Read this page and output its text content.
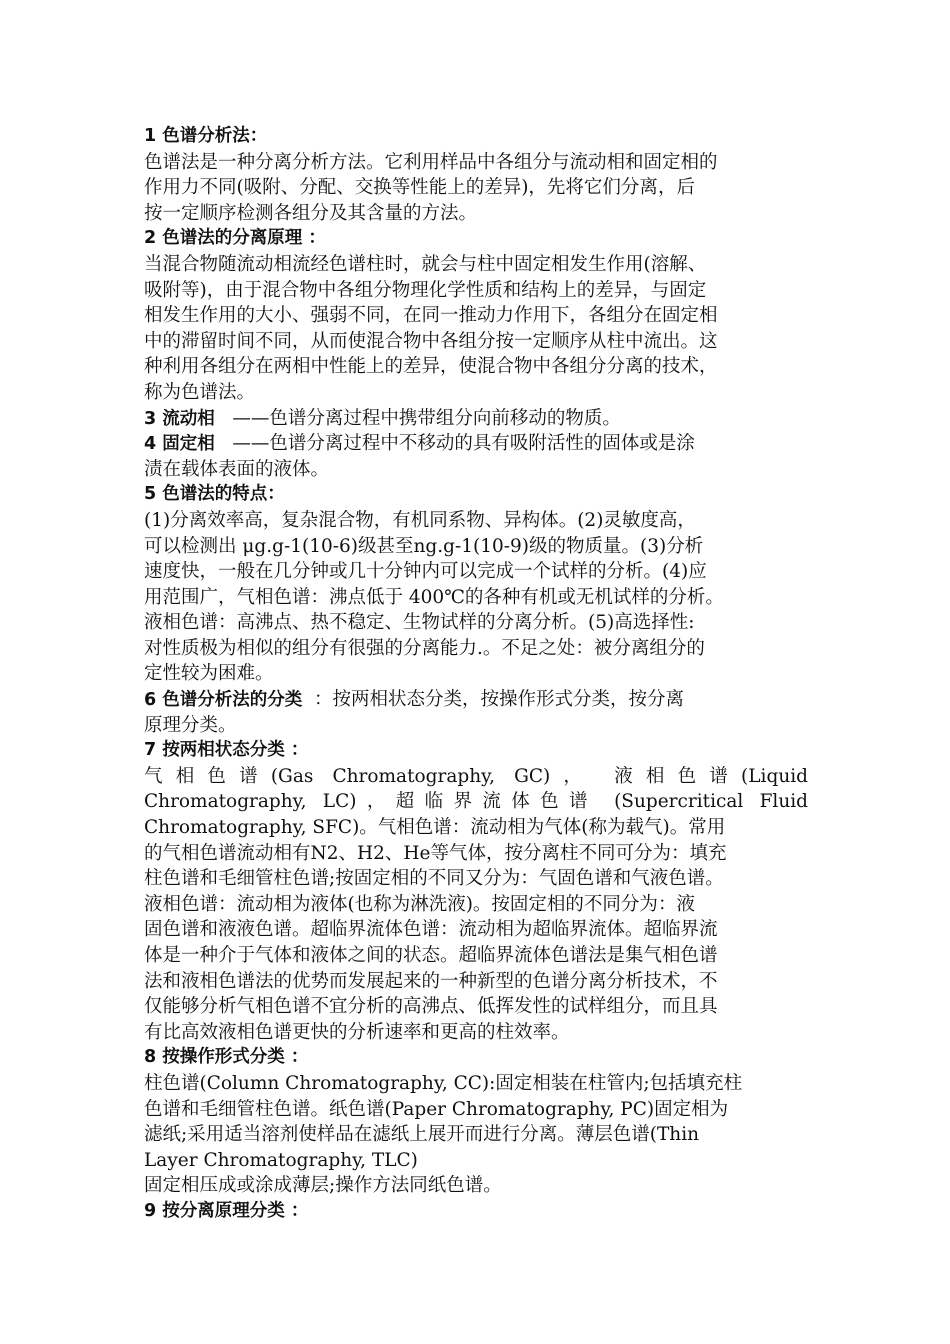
1 色谱分析法：
色谱法是一种分离分析方法。它利用样品中各组分与流动相和固定相的
作用力不同(吸附、分配、交换等性能上的差异)，先将它们分离，后
按一定顺序检测各组分及其含量的方法。
2 色谱法的分离原理 ：
当混合物随流动相流经色谱柱时，就会与柱中固定相发生作用(溶解、
吸附等)，由于混合物中各组分物理化学性质和结构上的差异，与固定
相发生作用的大小、强弱不同，在同一推动力作用下，各组分在固定相
中的滞留时间不同，从而使混合物中各组分按一定顺序从柱中流出。这
种利用各组分在两相中性能上的差异，使混合物中各组分分离的技术，
称为色谱法。
3 流动相   ——色谱分离过程中携带组分向前移动的物质。
4 固定相   ——色谱分离过程中不移动的具有吸附活性的固体或是涂
渍在载体表面的液体。
5 色谱法的特点：
(1)分离效率高，复杂混合物，有机同系物、异构体。(2)灵敏度高，
可以检测出 μg.g-1(10-6)级甚至ng.g-1(10-9)级的物质量。(3)分析
速度快，一般在几分钟或几十分钟内可以完成一个试样的分析。(4)应
用范围广，气相色谱：沸点低于 400℃的各种有机或无机试样的分析。
液相色谱：高沸点、热不稳定、生物试样的分离分析。(5)高选择性:
对性质极为相似的组分有很强的分离能力.。不足之处：被分离组分的
定性较为困难。
6 色谱分析法的分类  ：按两相状态分类，按操作形式分类，按分离
原理分类。
7 按两相状态分类 ：
气相色谱(Gas Chromatography, GC)， 液相色谱(Liquid
Chromatography, LC)，超临界流体色谱 (Supercritical Fluid
Chromatography, SFC)。气相色谱：流动相为气体(称为载气)。常用
的气相色谱流动相有N2、H2、He等气体，按分离柱不同可分为：填充
柱色谱和毛细管柱色谱;按固定相的不同又分为：气固色谱和气液色谱。
液相色谱：流动相为液体(也称为淋洗液)。按固定相的不同分为：液
固色谱和液液色谱。超临界流体色谱：流动相为超临界流体。超临界流
体是一种介于气体和液体之间的状态。超临界流体色谱法是集气相色谱
法和液相色谱法的优势而发展起来的一种新型的色谱分离分析技术，不
仅能够分析气相色谱不宜分析的高沸点、低挥发性的试样组分，而且具
有比高效液相色谱更快的分析速率和更高的柱效率。
8 按操作形式分类 ：
柱色谱(Column Chromatography, CC):固定相装在柱管内;包括填充柱
色谱和毛细管柱色谱。纸色谱(Paper Chromatography, PC)固定相为
滤纸;采用适当溶剂使样品在滤纸上展开而进行分离。薄层色谱(Thin
Layer Chromatography, TLC)
固定相压成或涂成薄层;操作方法同纸色谱。
9 按分离原理分类 ：
